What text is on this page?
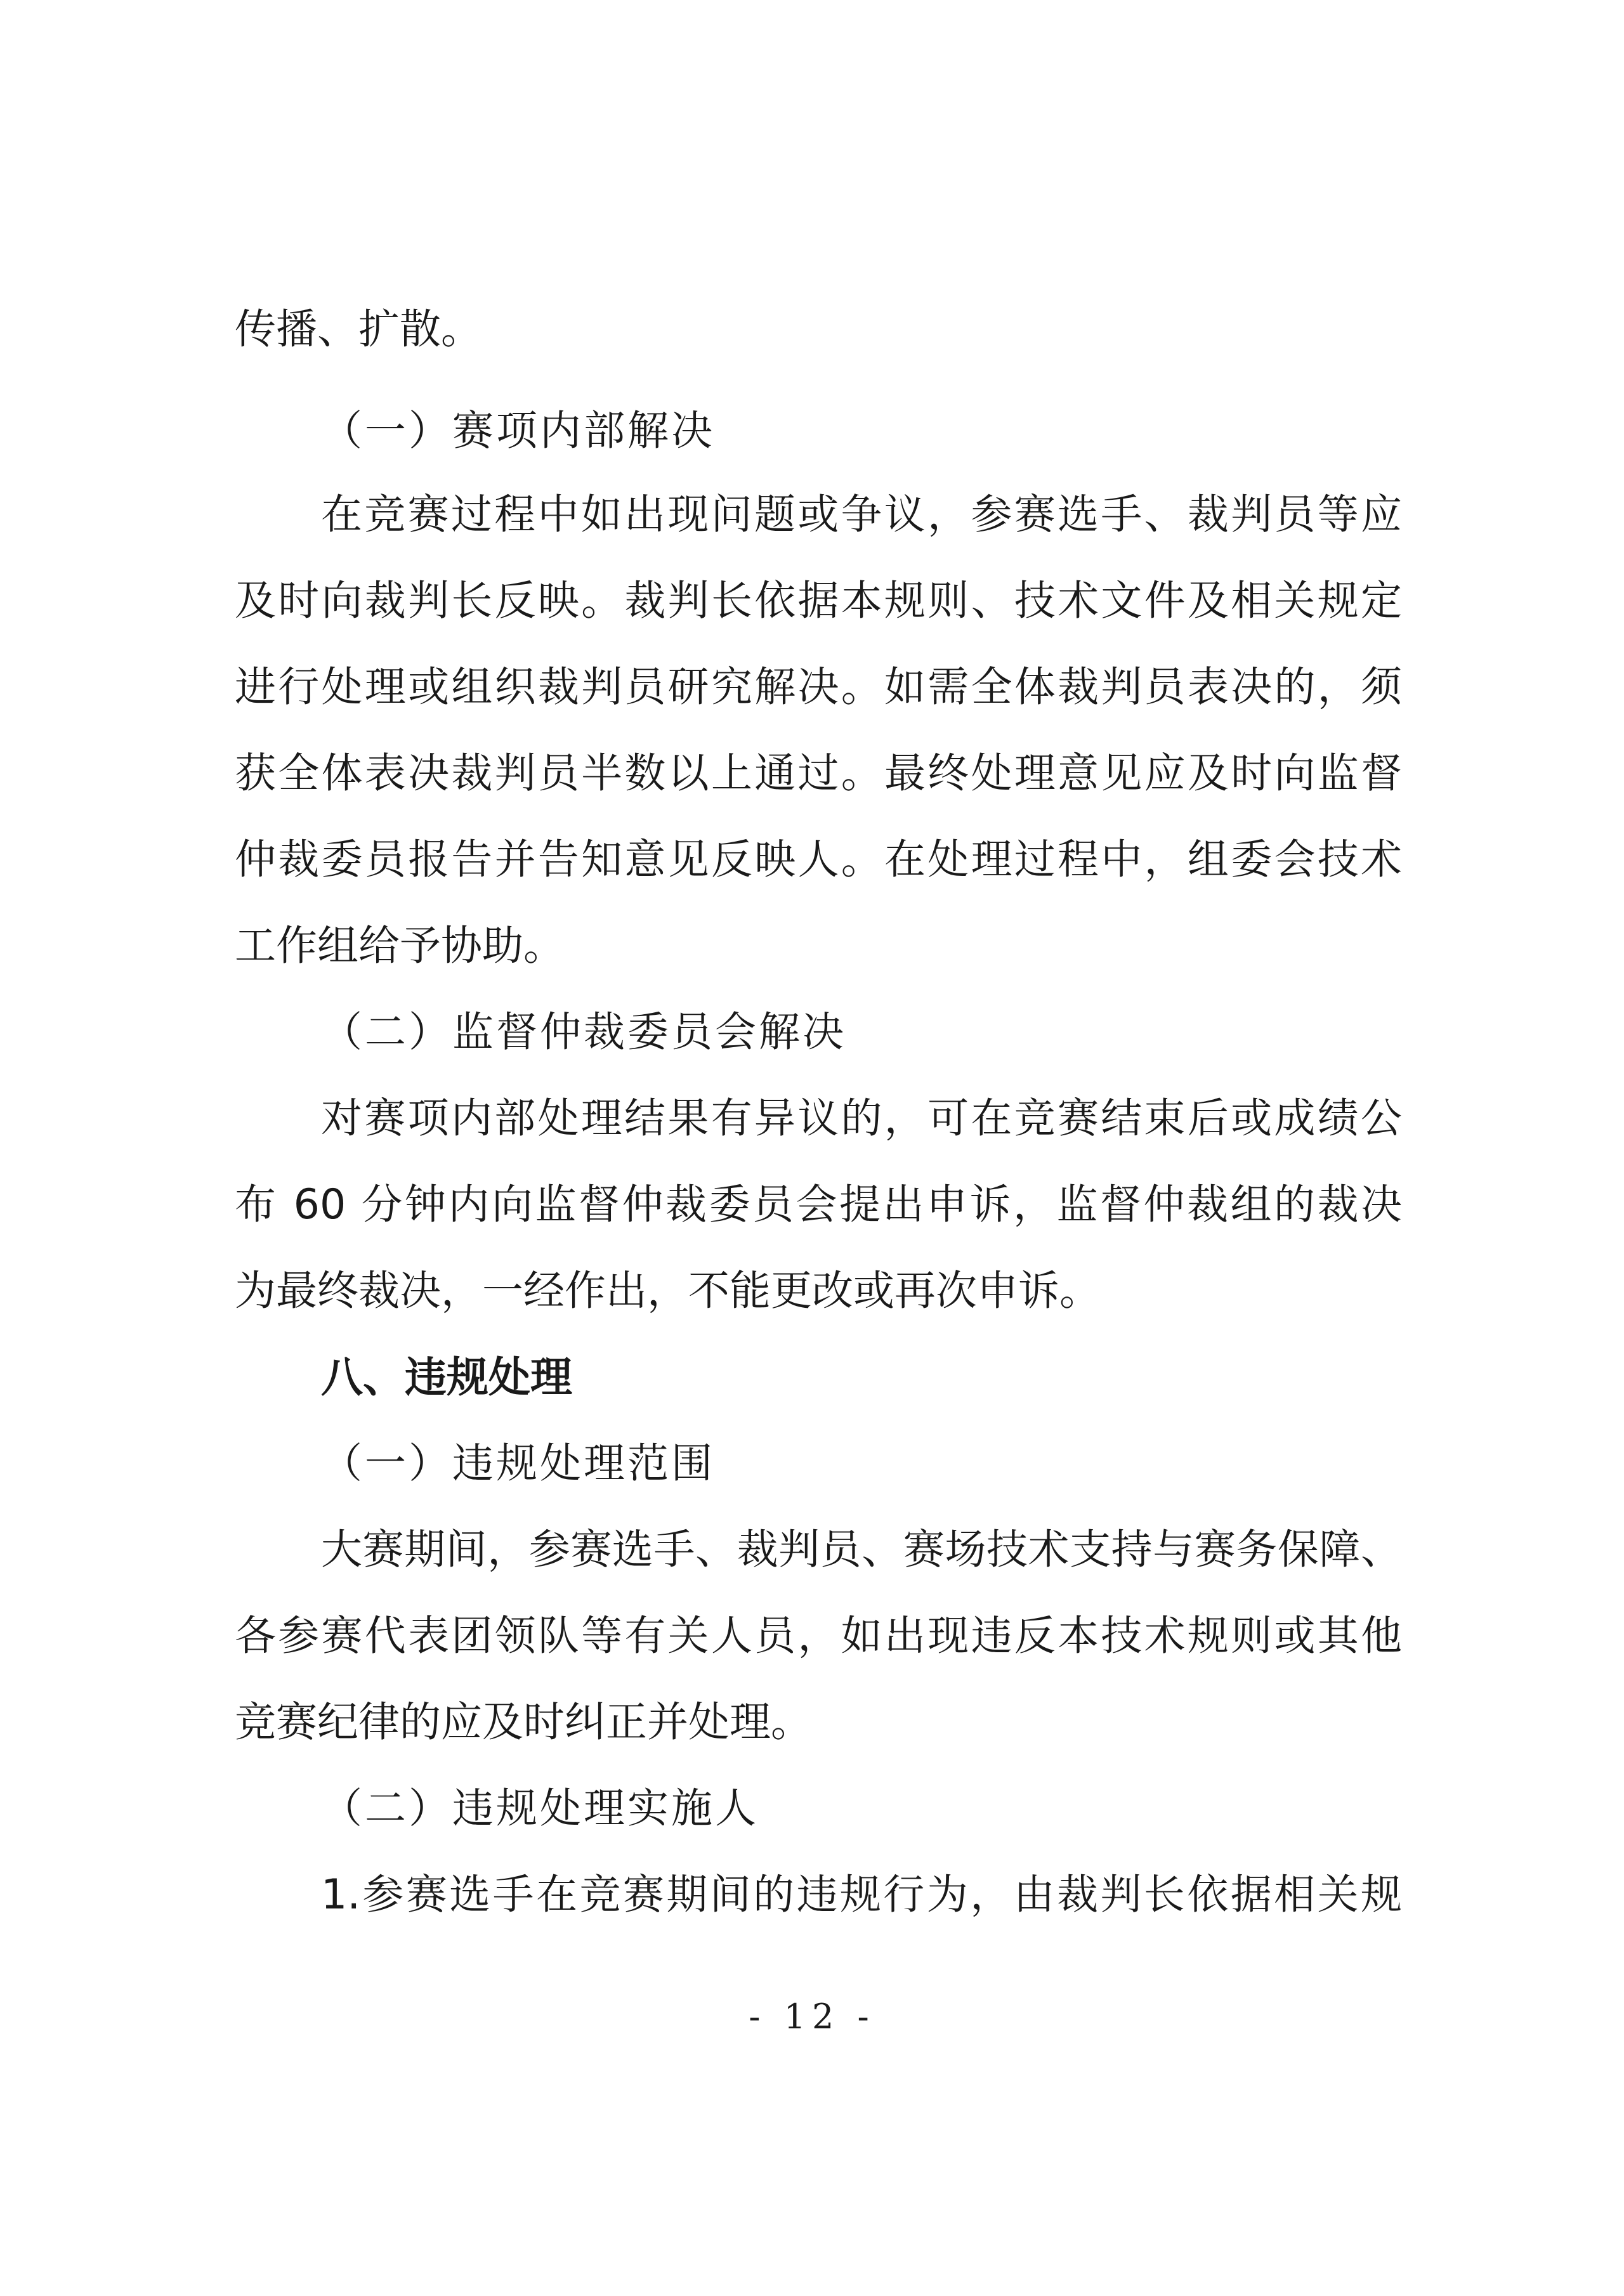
传播、扩散。

（一）赛项内部解决

在竞赛过程中如出现问题或争议，参赛选手、裁判员等应

及时向裁判长反映。裁判长依据本规则、技术文件及相关规定

进行处理或组织裁判员研究解决。如需全体裁判员表决的，须

获全体表决裁判员半数以上通过。最终处理意见应及时向监督

仲裁委员报告并告知意见反映人。在处理过程中，组委会技术

工作组给予协助。

（二）监督仲裁委员会解决

对赛项内部处理结果有异议的，可在竞赛结束后或成绩公

布 60 分钟内向监督仲裁委员会提出申诉，监督仲裁组的裁决

为最终裁决，一经作出，不能更改或再次申诉。

八、违规处理

（一）违规处理范围

大赛期间，参赛选手、裁判员、赛场技术支持与赛务保障、

各参赛代表团领队等有关人员，如出现违反本技术规则或其他

竞赛纪律的应及时纠正并处理。

（二）违规处理实施人

1.参赛选手在竞赛期间的违规行为，由裁判长依据相关规

- 12 -
